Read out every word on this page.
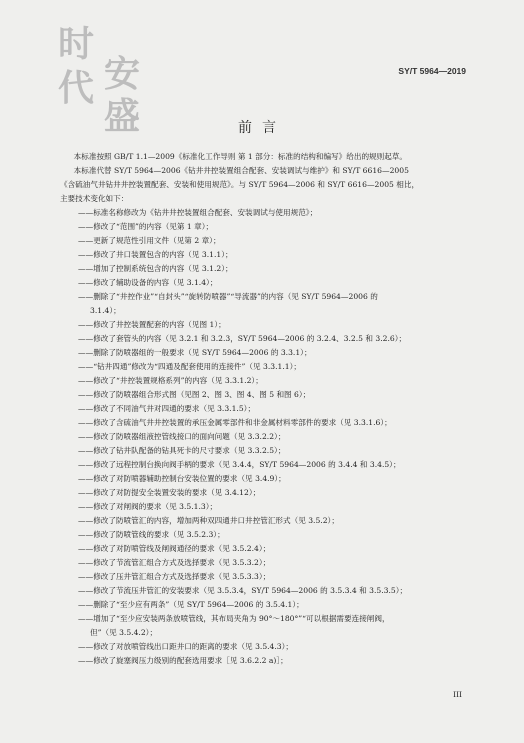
时
代 安
盛
SY/T 5964—2019
前言

本标准按照 GB/T 1.1—2009《标准化工作导则 第 1 部分：标准的结构和编写》给出的规则起草。

本标准代替 SY/T 5964—2006《钻井井控装置组合配套、安装调试与维护》和 SY/T 6616—2005

《含硫油气井钻井井控装置配套、安装和使用规范》。与 SY/T 5964—2006 和 SY/T 6616—2005 相比，

主要技术变化如下：

——标准名称修改为《钻井井控装置组合配套、安装调试与使用规范》；

——修改了“范围”的内容（见第 1 章）；

——更新了规范性引用文件（见第 2 章）；

——修改了井口装置包含的内容（见 3.1.1）；

——增加了控制系统包含的内容（见 3.1.2）；

——修改了辅助设备的内容（见 3.1.4）；

——删除了“井控作业”“自封头”“旋转防喷器”“导流器”的内容（见 SY/T 5964—2006 的

3.1.4）；

——修改了井控装置配套的内容（见图 1）；

——修改了套管头的内容（见 3.2.1 和 3.2.3，SY/T 5964—2006 的 3.2.4、3.2.5 和 3.2.6）；

——删除了防喷器组的一般要求（见 SY/T 5964—2006 的 3.3.1）；

——“钻井四通”修改为“四通及配套使用的连接件”（见 3.3.1.1）；

——修改了“井控装置规格系列”的内容（见 3.3.1.2）；

——修改了防喷器组合形式图（见图 2、图 3、图 4、图 5 和图 6）；

——修改了不同油气井对四通的要求（见 3.3.1.5）；

——修改了含硫油气井井控装置的承压金属零部件和非金属材料零部件的要求（见 3.3.1.6）；

——修改了防喷器组液控管线接口的面向问题（见 3.3.2.2）；

——修改了钻井队配备的钻具死卡的尺寸要求（见 3.3.2.5）；

——修改了远程控制台换向阀手柄的要求（见 3.4.4，SY/T 5964—2006 的 3.4.4 和 3.4.5）；

——修改了对防喷器辅助控制台安装位置的要求（见 3.4.9）；

——修改了对防提安全装置安装的要求（见 3.4.12）；

——修改了对闸阀的要求（见 3.5.1.3）；

——修改了防喷管汇的内容，增加两种双四通井口井控管汇形式（见 3.5.2）；

——修改了防喷管线的要求（见 3.5.2.3）；

——修改了对防喷管线及闸阀通径的要求（见 3.5.2.4）；

——修改了节流管汇组合方式及选择要求（见 3.5.3.2）；

——修改了压井管汇组合方式及选择要求（见 3.5.3.3）；

——修改了节流压井管汇的安装要求（见 3.5.3.4，SY/T 5964—2006 的 3.5.3.4 和 3.5.3.5）；

——删除了“至少应有两条”（见 SY/T 5964—2006 的 3.5.4.1）；

——增加了“至少应安装两条放喷管线，其布局夹角为 90°～180°”“可以根据需要连接闸阀，

但”（见 3.5.4.2）；

——修改了对放喷管线出口距井口的距离的要求（见 3.5.4.3）；

——修改了旋塞阀压力级别的配套选用要求［见 3.6.2.2 a)］；

III
